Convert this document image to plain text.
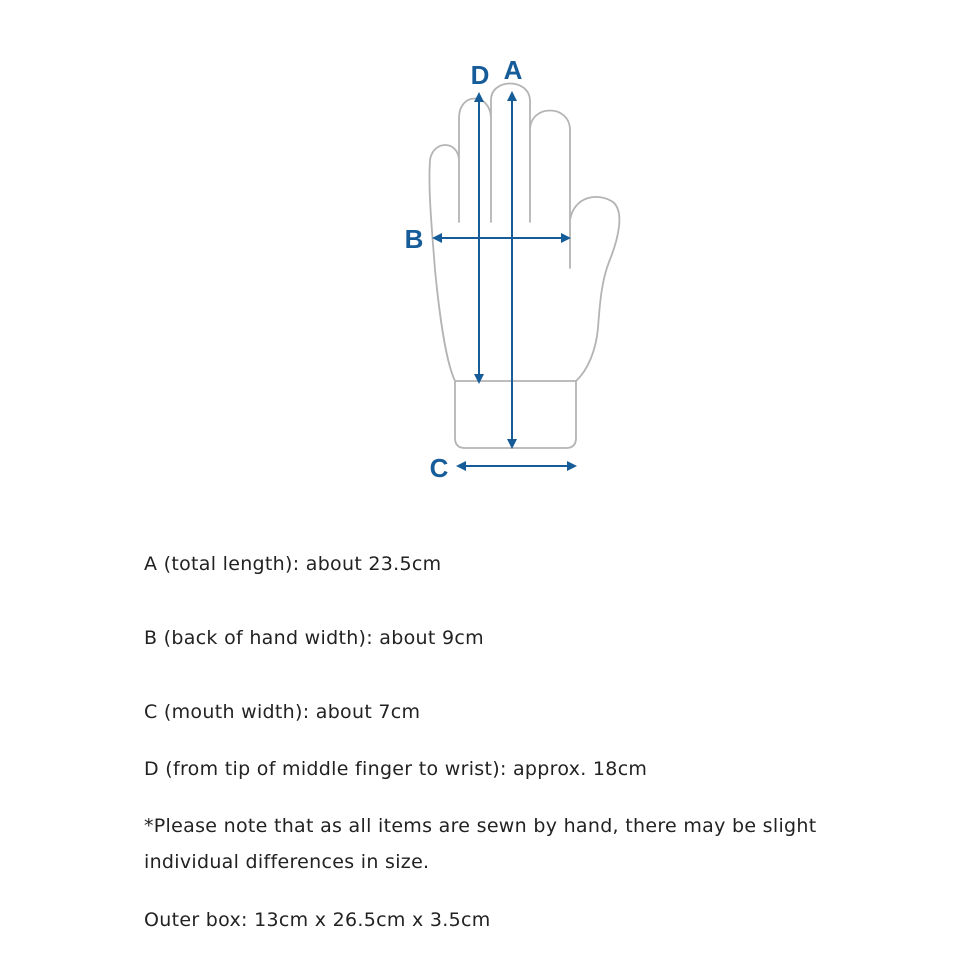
D A
B
C
A (total length): about 23.5cm
B (back of hand width): about 9cm
C (mouth width): about 7cm
D (from tip of middle finger to wrist): approx. 18cm
*Please note that as all items are sewn by hand, there may be slight individual differences in size.
Outer box: 13cm x 26.5cm x 3.5cm
